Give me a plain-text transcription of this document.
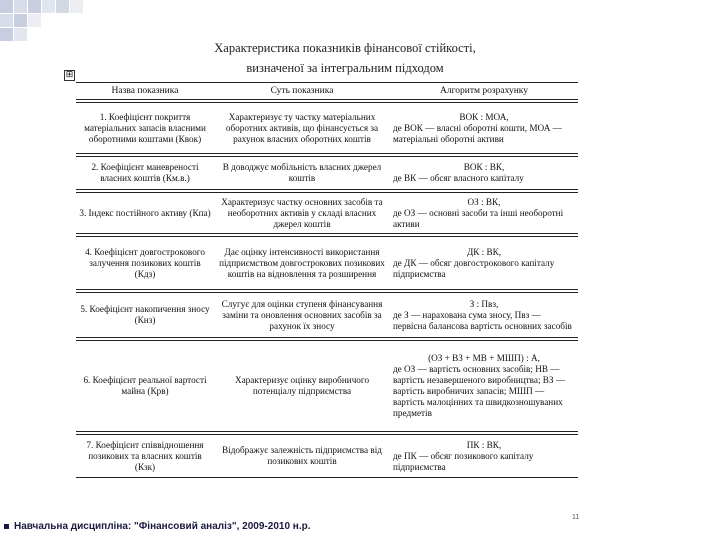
Характеристика показників фінансової стійкості,
визначеної за інтегральним підходом
⊞
Назва показника	Суть показника	Алгоритм розрахунку
1. Коефіцієнт покриття матеріальних запасів власними оборотними коштами (Квок)	Характеризує ту частку матеріальних оборотних активів, що фінансується за рахунок власних оборотних коштів	ВОК : МОА,
де ВОК — власні оборотні кошти, МОА — матеріальні оборотні активи
2. Коефіцієнт маневреності власних коштів (Км.в.)	В доводжує мобільність власних джерел коштів	ВОК : ВК,
де ВК — обсяг власного капіталу
3. Індекс постійного активу (Кпа)	Характеризує частку основних засобів та необоротних активів у складі власних джерел коштів	ОЗ : ВК,
де ОЗ — основні засоби та інші необоротні активи
4. Коефіцієнт довгострокового залучення позикових коштів (Кдз)	Дає оцінку інтенсивності використання підприємством довгострокових позикових коштів на відновлення та розширення	ДК : ВК,
де ДК — обсяг довгострокового капіталу підприємства
5. Коефіцієнт накопичення зносу (Кнз)	Слугує для оцінки ступеня фінансування заміни та оновлення основних засобів за рахунок їх зносу	З : Пвз,
де З — нарахована сума зносу, Пвз — первісна балансова вартість основних засобів
6. Коефіцієнт реальної вартості майна (Крв)	Характеризує оцінку виробничого потенціалу підприємства	(ОЗ + ВЗ + МВ + МШП) : А,
де ОЗ — вартість основних засобів; НВ — вартість незавершеного виробництва; ВЗ — вартість виробничих запасів; МШП — вартість малоцінних та швидкозношуваних предметів
7. Коефіцієнт співвідношення позикових та власних коштів (Кзк)	Відображує залежність підприємства від позикових коштів	ПК : ВК,
де ПК — обсяг позикового капіталу підприємства
11
Навчальна дисципліна: "Фінансовий аналіз", 2009-2010 н.р.
